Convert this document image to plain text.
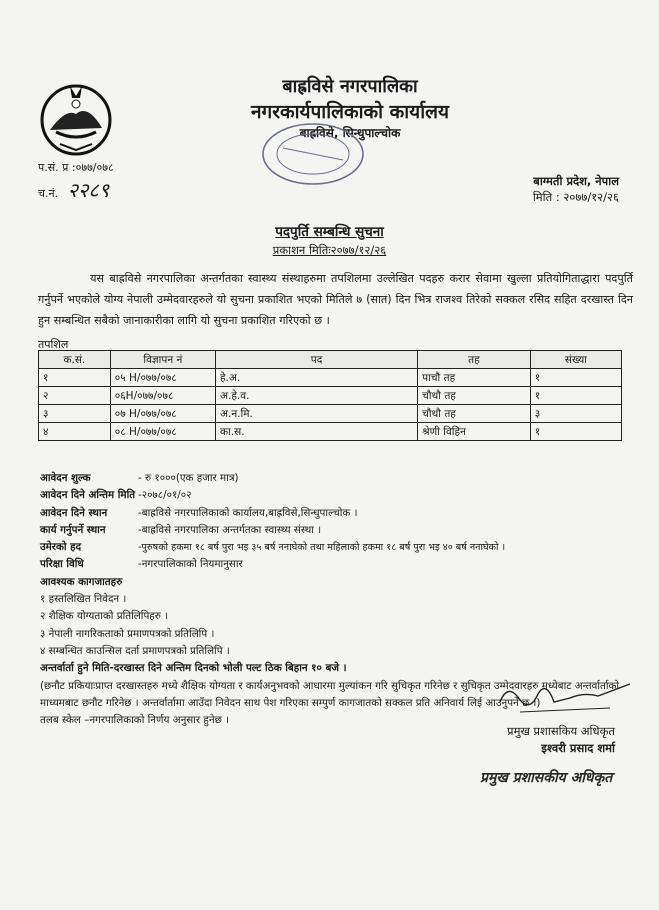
बाह्रविसे नगरपालिका
नगरकार्यपालिकाको कार्यालय
बाह्रविसे, सिन्धुपाल्चोक
प.सं. प्र :०७७/०७८
च.नं. २२८९	बाग्मती प्रदेश, नेपाल
मिति : २०७७/१२/२६
पदपुर्ति सम्बन्धि सुचना
प्रकाशन मितिः२०७७/१२/२६
यस बाह्रविसे नगरपालिका अन्तर्गतका स्वास्थ्य संस्थाहरुमा तपशिलमा उल्लेखित पदहरु करार सेवामा खुल्ला प्रतियोगिताद्धारा पदपुर्ति गर्नुपर्ने भएकोले योग्य नेपाली उम्मेदवारहरुले यो सुचना प्रकाशित भएको मितिले ७ (सात) दिन भित्र राजश्व तिरेको सक्कल रसिद सहित दरखास्त दिन हुन सम्बन्धित सबैको जानाकारीका लागि यो सुचना प्रकाशित गरिएको छ ।
तपशिल
क.सं.	विज्ञापन नं	पद	तह	संख्या
१	०५ H/०७७/०७८	हे.अ.	पाचौ तह	१
२	०६H/०७७/०७८	अ.हे.व.	चौथौ तह	१
३	०७ H/०७७/०७८	अ.न.मि.	चौथौ तह	३
४	०८ H/०७७/०७८	का.स.	श्रेणी विहिन	१
आवेदन शुल्क	- रु १०००(एक हजार मात्र)
आवेदन दिने अन्तिम मिति -२०७८/०१/०२
आवेदन दिने स्थान	-बाह्रविसे नगरपालिकाको कार्यालय,बाह्रविसे,सिन्धुपाल्चोक ।
कार्य गर्नुपर्ने स्थान	-बाह्रविसे नगरपालिका अन्तर्गतका स्वास्थ्य संस्था ।
उमेरको हद	-पुरुषको हकमा १८ बर्ष पुरा भइ ३५ बर्ष ननाघेको तथा महिलाको हकमा १८ बर्ष पुरा भइ ४० बर्ष ननाघेको ।
परिक्षा विधि	-नगरपालिकाको नियमानुसार
आवश्यक कागजातहरु
१ हस्तलिखित निवेदन ।
२ शैक्षिक योग्यताको प्रतिलिपिहरु ।
३ नेपाली नागरिकताको प्रमाणपत्रको प्रतिलिपि ।
४ सम्बन्धित काउन्सिल दर्ता प्रमाणपत्रको प्रतिलिपि ।
अन्तर्वार्ता हुने मिति-दरखास्त दिने अन्तिम दिनको भोली पल्ट ठिक बिहान १० बजे ।
(छनौट प्रकियाःप्राप्त दरखास्तहरु मध्ये शैक्षिक योग्यता र कार्यअनुभवको आधारमा मुल्यांकन गरि सुचिकृत गरिनेछ र सुचिकृत उम्मेदवारहरु मध्येबाट अन्तर्वार्ताको माध्यमबाट छनौट गरिनेछ । अन्तर्वार्तामा आउँदा निवेदन साथ पेश गरिएका सम्पुर्ण कागजातको सक्कल प्रति अनिवार्य लिई आउनुपर्ने छ ।)
तलब स्केल –नगरपालिकाको निर्णय अनुसार हुनेछ ।
प्रमुख प्रशासकिय अधिकृत
इश्वरी प्रसाद शर्मा
प्रमुख प्रशासकीय अधिकृत
